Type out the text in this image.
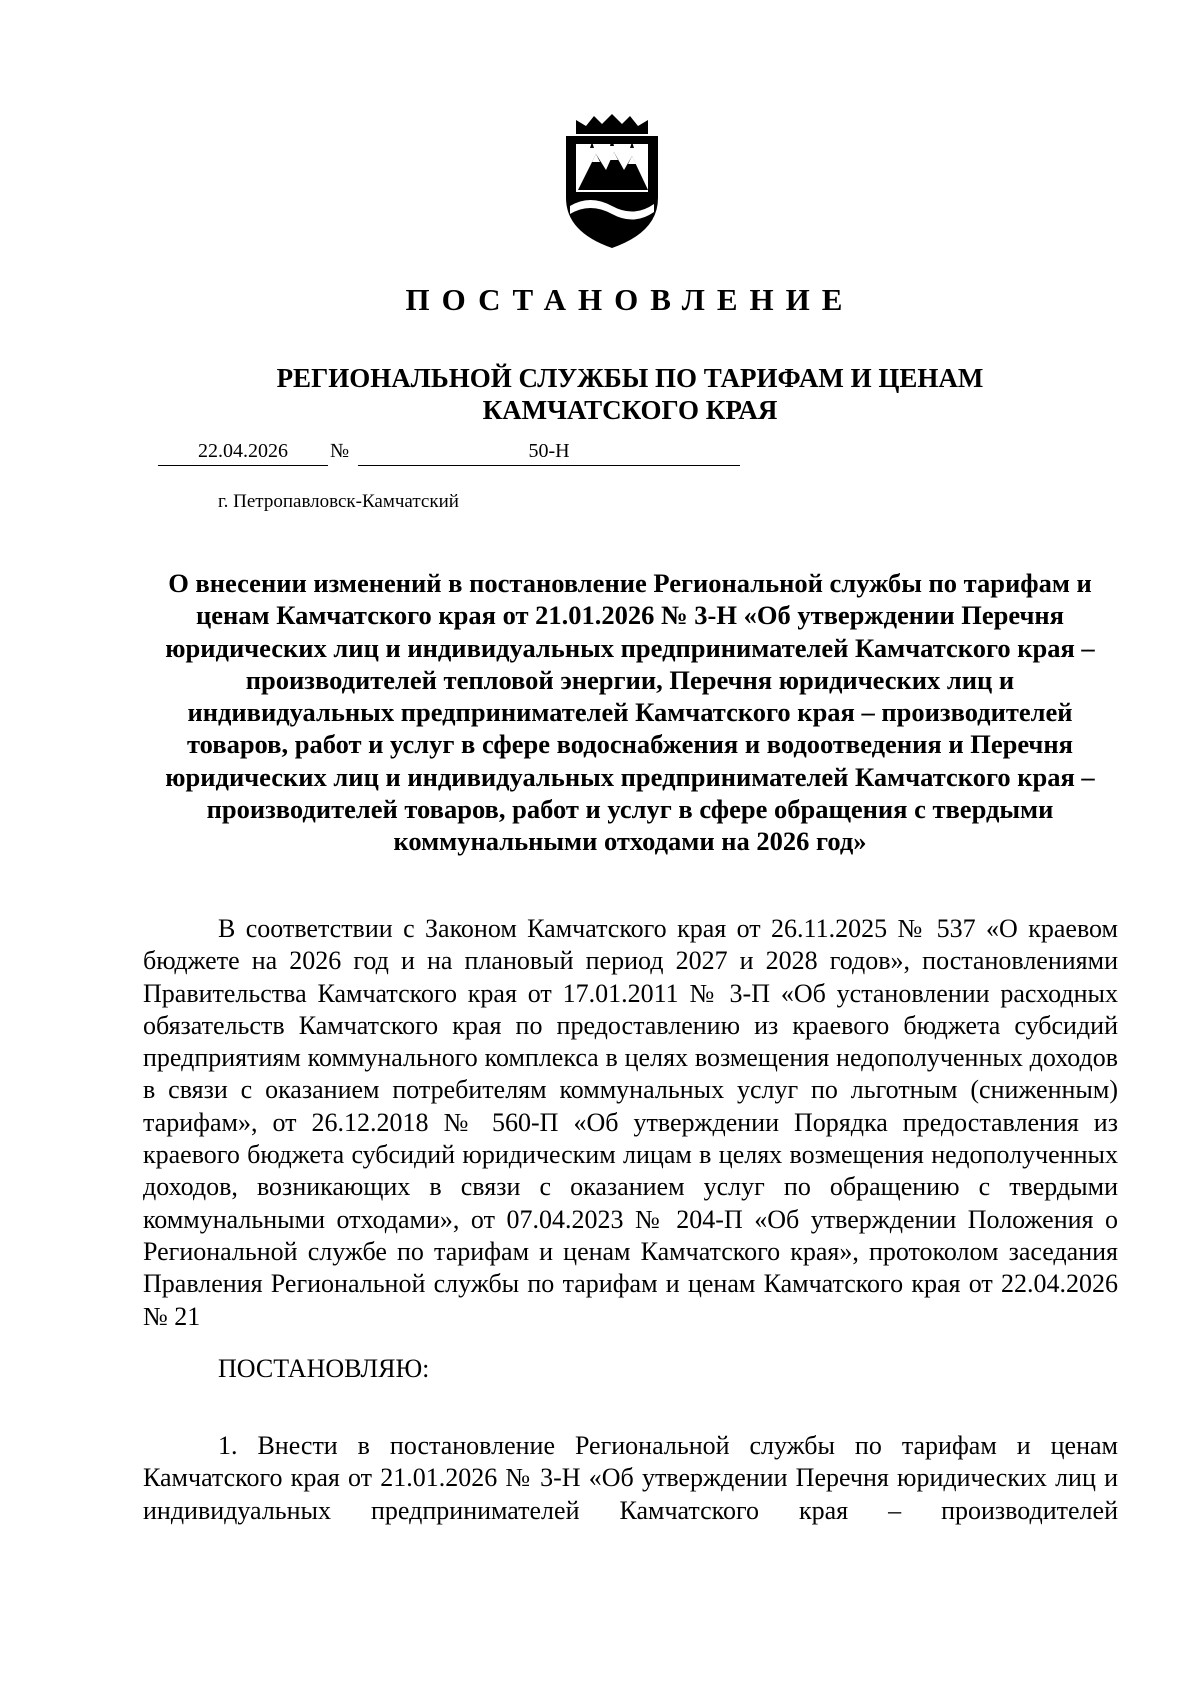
ПОСТАНОВЛЕНИЕ
РЕГИОНАЛЬНОЙ СЛУЖБЫ ПО ТАРИФАМ И ЦЕНАМ
КАМЧАТСКОГО КРАЯ
22.04.2026	№	50-Н
г. Петропавловск-Камчатский
О внесении изменений в постановление Региональной службы по тарифам и ценам Камчатского края от 21.01.2026 № 3-Н «Об утверждении Перечня юридических лиц и индивидуальных предпринимателей Камчатского края – производителей тепловой энергии, Перечня юридических лиц и индивидуальных предпринимателей Камчатского края – производителей товаров, работ и услуг в сфере водоснабжения и водоотведения и Перечня юридических лиц и индивидуальных предпринимателей Камчатского края – производителей товаров, работ и услуг в сфере обращения с твердыми коммунальными отходами на 2026 год»
В соответствии с Законом Камчатского края от 26.11.2025 № 537 «О краевом бюджете на 2026 год и на плановый период 2027 и 2028 годов», постановлениями Правительства Камчатского края от 17.01.2011 № 3-П «Об установлении расходных обязательств Камчатского края по предоставлению из краевого бюджета субсидий предприятиям коммунального комплекса в целях возмещения недополученных доходов в связи с оказанием потребителям коммунальных услуг по льготным (сниженным) тарифам», от 26.12.2018 № 560-П «Об утверждении Порядка предоставления из краевого бюджета субсидий юридическим лицам в целях возмещения недополученных доходов, возникающих в связи с оказанием услуг по обращению с твердыми коммунальными отходами», от 07.04.2023 № 204-П «Об утверждении Положения о Региональной службе по тарифам и ценам Камчатского края», протоколом заседания Правления Региональной службы по тарифам и ценам Камчатского края от 22.04.2026 № 21
ПОСТАНОВЛЯЮ:
1. Внести в постановление Региональной службы по тарифам и ценам Камчатского края от 21.01.2026 № 3-Н «Об утверждении Перечня юридических лиц и индивидуальных предпринимателей Камчатского края – производителей
